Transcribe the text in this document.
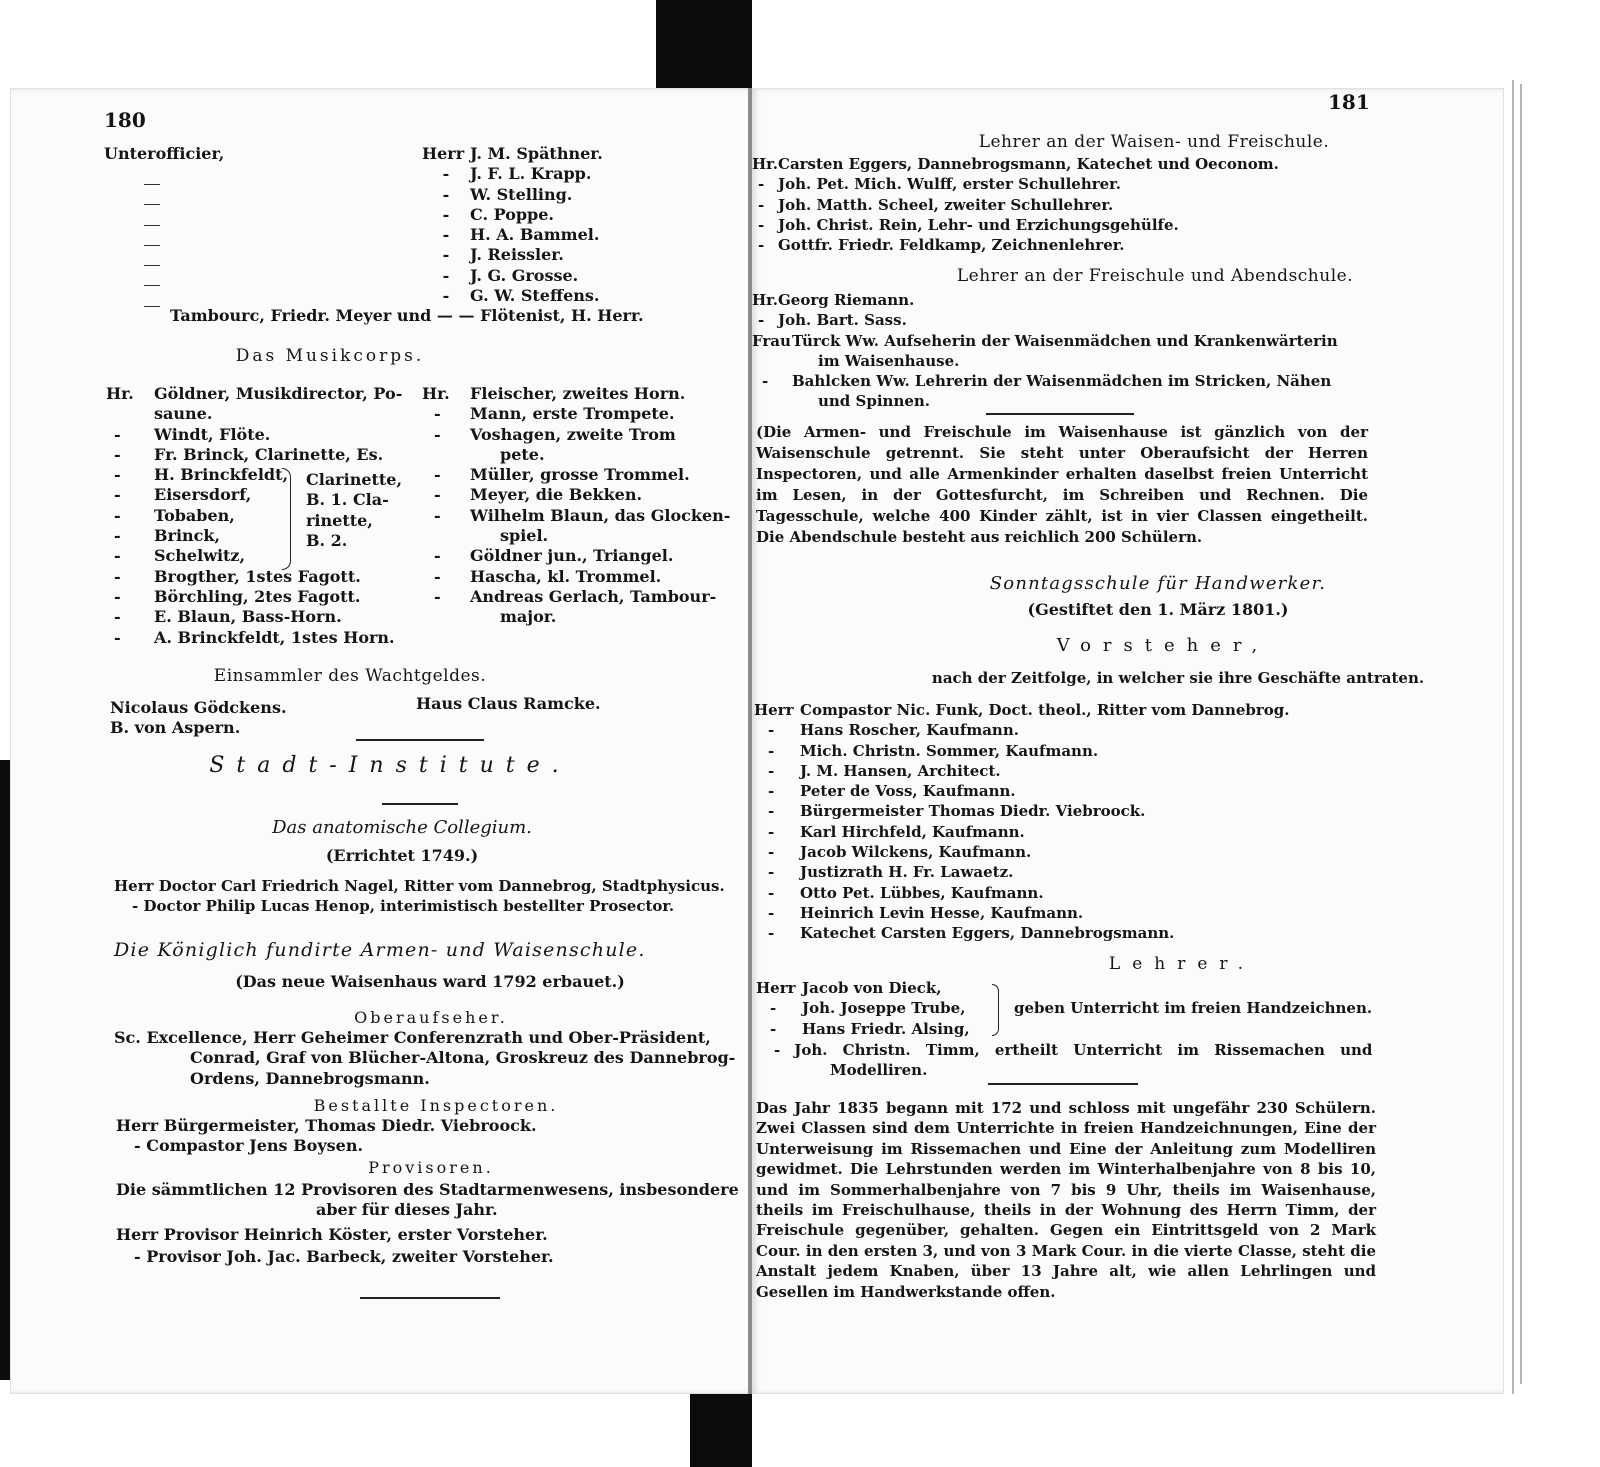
180
Unterofficier,	Herr J. M. Späthner.
-	J. F. L. Krapp.
-	W. Stelling.
-	C. Poppe.
-	H. A. Bammel.
-	J. Reissler.
-	J. G. Grosse.
-	G. W. Steffens.
Tambourc, Friedr. Meyer und — — Flötenist, H. Herr.
Das Musikcorps.
Hr.	Göldner, Musikdirector, Po-
saune.
-	Windt, Flöte.
-	Fr. Brinck, Clarinette, Es.
-	H. Brinckfeldt,
-	Eisersdorf,
-	Tobaben,
-	Brinck,
-	Schelwitz,
-	Brogther, 1stes Fagott.
-	Börchling, 2tes Fagott.
-	E. Blaun, Bass-Horn.
-	A. Brinckfeldt, 1stes Horn.
Clarinette,
B. 1. Cla-
rinette,
B. 2.
Hr.	Fleischer, zweites Horn.
-	Mann, erste Trompete.
-	Voshagen, zweite Trom
pete.
-	Müller, grosse Trommel.
-	Meyer, die Bekken.
-	Wilhelm Blaun, das Glocken-
spiel.
-	Göldner jun., Triangel.
-	Hascha, kl. Trommel.
-	Andreas Gerlach, Tambour-
major.
Einsammler des Wachtgeldes.
Nicolaus Gödckens.
B. von Aspern.
Haus Claus Ramcke.
Stadt-Institute.
Das anatomische Collegium.
(Errichtet 1749.)
Herr Doctor Carl Friedrich Nagel, Ritter vom Dannebrog, Stadtphysicus.
- Doctor Philip Lucas Henop, interimistisch bestellter Prosector.
Die Königlich fundirte Armen- und Waisenschule.
(Das neue Waisenhaus ward 1792 erbauet.)
Oberaufseher.
Sc. Excellence, Herr Geheimer Conferenzrath und Ober-Präsident,
Conrad, Graf von Blücher-Altona, Groskreuz des Dannebrog-
Ordens, Dannebrogsmann.
Bestallte Inspectoren.
Herr Bürgermeister, Thomas Diedr. Viebroock.
- Compastor Jens Boysen.
Provisoren.
Die sämmtlichen 12 Provisoren des Stadtarmenwesens, insbesondere
aber für dieses Jahr.
Herr Provisor Heinrich Köster, erster Vorsteher.
- Provisor Joh. Jac. Barbeck, zweiter Vorsteher.
181
Lehrer an der Waisen- und Freischule.
Hr. Carsten Eggers, Dannebrogsmann, Katechet und Oeconom.
- Joh. Pet. Mich. Wulff, erster Schullehrer.
- Joh. Matth. Scheel, zweiter Schullehrer.
- Joh. Christ. Rein, Lehr- und Erzichungsgehülfe.
- Gottfr. Friedr. Feldkamp, Zeichnenlehrer.
Lehrer an der Freischule und Abendschule.
Hr. Georg Riemann.
- Joh. Bart. Sass.
Frau Türck Ww. Aufseherin der Waisenmädchen und Krankenwärterin
im Waisenhause.
-	Bahlcken Ww. Lehrerin der Waisenmädchen im Stricken, Nähen
und Spinnen.
(Die Armen- und Freischule im Waisenhause ist gänzlich von der Waisenschule getrennt. Sie steht unter Oberaufsicht der Herren Inspectoren, und alle Armenkinder erhalten daselbst freien Unterricht im Lesen, in der Gottesfurcht, im Schreiben und Rechnen. Die Tagesschule, welche 400 Kinder zählt, ist in vier Classen eingetheilt. Die Abendschule besteht aus reichlich 200 Schülern.
Sonntagsschule für Handwerker.
(Gestiftet den 1. März 1801.)
Vorsteher,
nach der Zeitfolge, in welcher sie ihre Geschäfte antraten.
Herr Compastor Nic. Funk, Doct. theol., Ritter vom Dannebrog.
-	Hans Roscher, Kaufmann.
-	Mich. Christn. Sommer, Kaufmann.
-	J. M. Hansen, Architect.
-	Peter de Voss, Kaufmann.
-	Bürgermeister Thomas Diedr. Viebroock.
-	Karl Hirchfeld, Kaufmann.
-	Jacob Wilckens, Kaufmann.
-	Justizrath H. Fr. Lawaetz.
-	Otto Pet. Lübbes, Kaufmann.
-	Heinrich Levin Hesse, Kaufmann.
-	Katechet Carsten Eggers, Dannebrogsmann.
Lehrer.
Herr Jacob von Dieck,
-	Joh. Joseppe Trube,
-	Hans Friedr. Alsing,
geben Unterricht im freien Handzeichnen.
- Joh. Christn. Timm, ertheilt Unterricht im Rissemachen und
Modelliren.
Das Jahr 1835 begann mit 172 und schloss mit ungefähr 230 Schülern. Zwei Classen sind dem Unterrichte in freien Handzeichnungen, Eine der Unterweisung im Rissemachen und Eine der Anleitung zum Modelliren gewidmet. Die Lehrstunden werden im Winterhalbenjahre von 8 bis 10, und im Sommerhalbenjahre von 7 bis 9 Uhr, theils im Waisenhause, theils im Freischulhause, theils in der Wohnung des Herrn Timm, der Freischule gegenüber, gehalten. Gegen ein Eintrittsgeld von 2 Mark Cour. in den ersten 3, und von 3 Mark Cour. in die vierte Classe, steht die Anstalt jedem Knaben, über 13 Jahre alt, wie allen Lehrlingen und Gesellen im Handwerkstande offen.
